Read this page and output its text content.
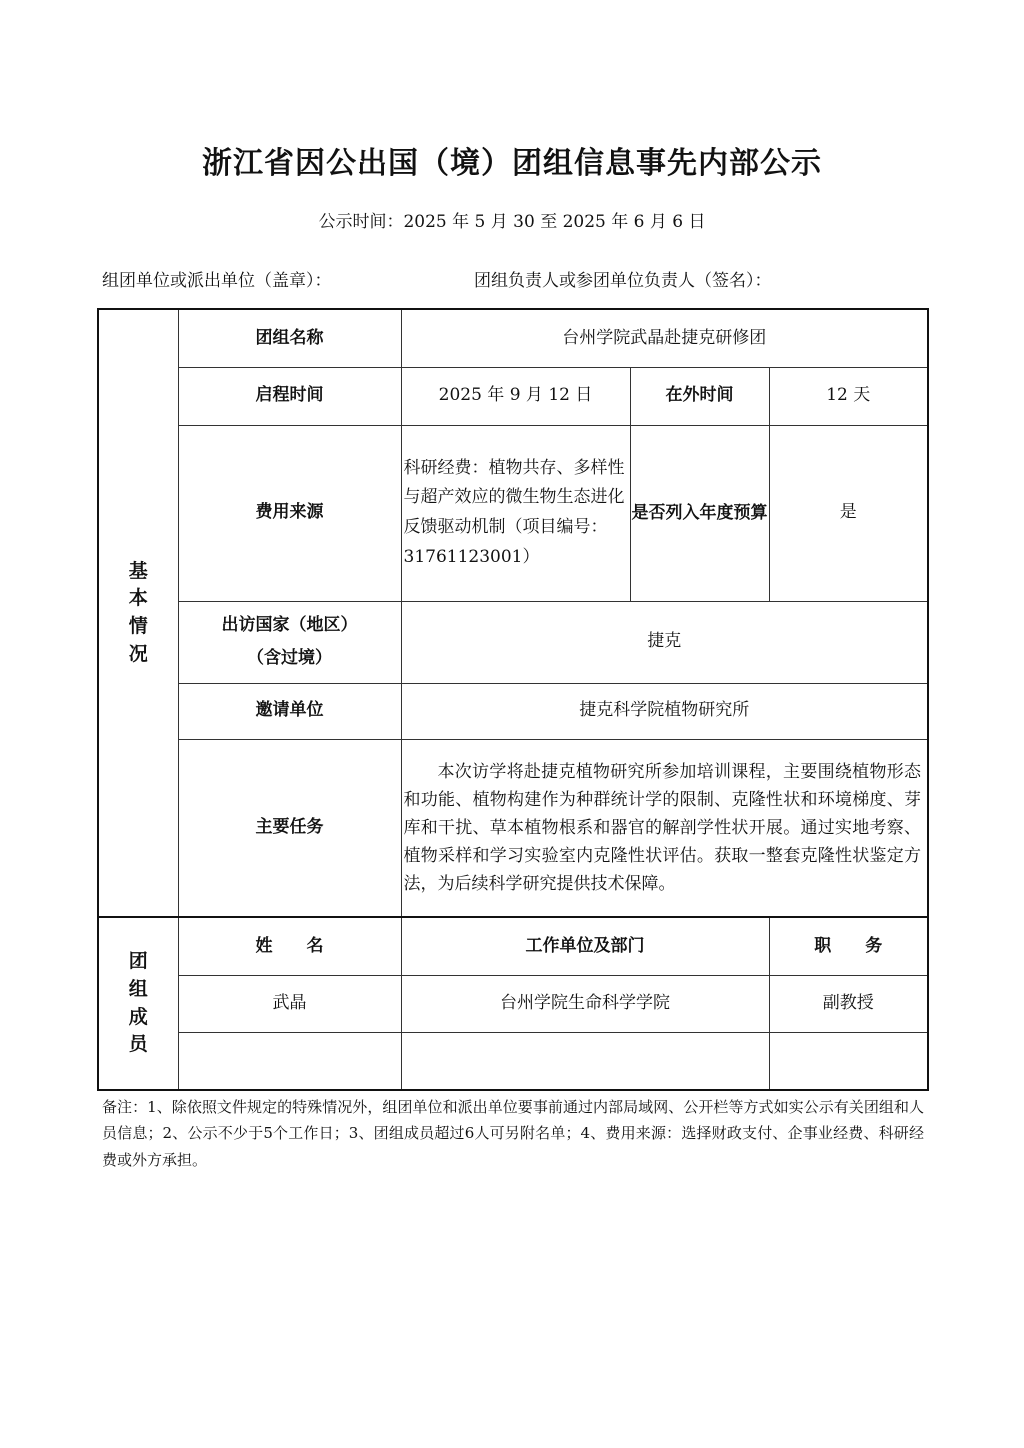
浙江省因公出国（境）团组信息事先内部公示
公示时间：2025 年 5 月 30 至 2025 年 6 月 6 日
组团单位或派出单位（盖章）：	团组负责人或参团单位负责人（签名）：
基本情况	团组名称	台州学院武晶赴捷克研修团		
	启程时间	2025 年 9 月 12 日	在外时间	12 天
	费用来源	科研经费：植物共存、多样性与超产效应的微生物生态进化反馈驱动机制（项目编号：31761123001）	是否列入年度预算	是

	出访国家（地区）
（含过境）	捷克		
	邀请单位	捷克科学院植物研究所		
	主要任务	本次访学将赴捷克植物研究所参加培训课程，主要围绕植物形态和功能、植物构建作为种群统计学的限制、克隆性状和环境梯度、芽库和干扰、草本植物根系和器官的解剖学性状开展。通过实地考察、植物采样和学习实验室内克隆性状评估。获取一整套克隆性状鉴定方法，为后续科学研究提供技术保障。		

团组成员	姓　　名	工作单位及部门		职　　务
	武晶	台州学院生命科学学院		副教授

备注：1、除依照文件规定的特殊情况外，组团单位和派出单位要事前通过内部局域网、公开栏等方式如实公示有关团组和人员信息；2、公示不少于5个工作日；3、团组成员超过6人可另附名单；4、费用来源：选择财政支付、企事业经费、科研经费或外方承担。
